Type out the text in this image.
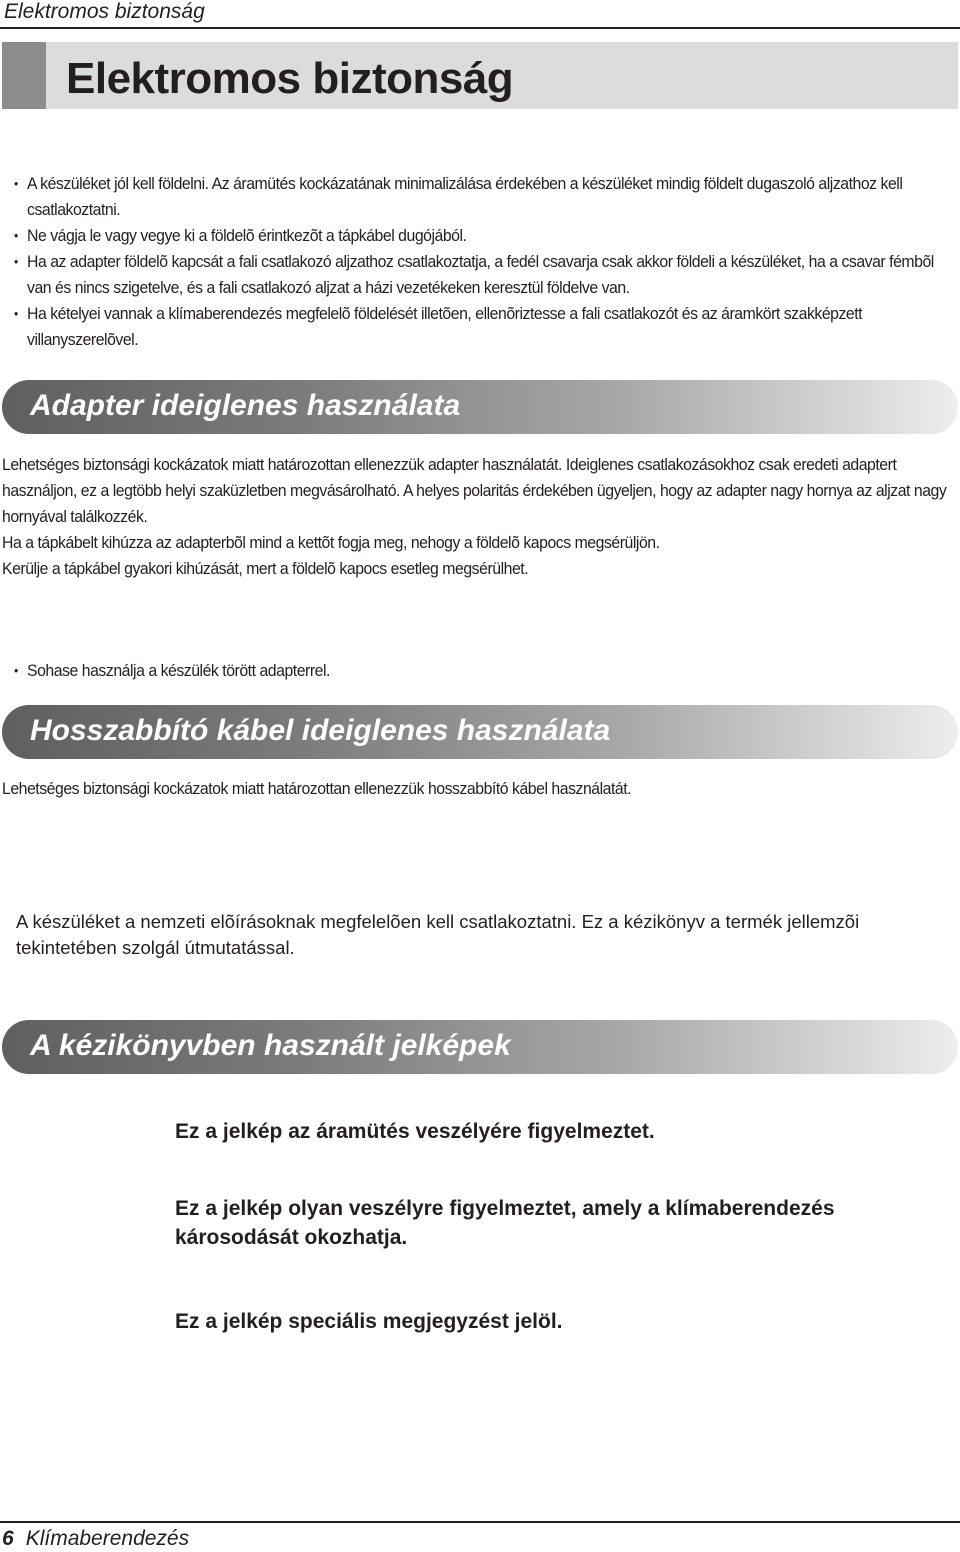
Elektromos biztonság
Elektromos biztonság
• A készüléket jól kell földelni. Az áramütés kockázatának minimalizálása érdekében a készüléket mindig földelt dugaszoló aljzathoz kell csatlakoztatni.
• Ne vágja le vagy vegye ki a földelõ érintkezõt a tápkábel dugójából.
• Ha az adapter földelõ kapcsát a fali csatlakozó aljzathoz csatlakoztatja, a fedél csavarja csak akkor földeli a készüléket, ha a csavar fémbõl van és nincs szigetelve, és a fali csatlakozó aljzat a házi vezetékeken keresztül földelve van.
• Ha kételyei vannak a klímaberendezés megfelelõ földelését illetõen, ellenõriztesse a fali csatlakozót és az áramkört szakképzett villanyszerelõvel.
Adapter ideiglenes használata

Lehetséges biztonsági kockázatok miatt határozottan ellenezzük adapter használatát. Ideiglenes csatlakozásokhoz csak eredeti adaptert használjon, ez a legtöbb helyi szaküzletben megvásárolható. A helyes polaritás érdekében ügyeljen, hogy az adapter nagy hornya az aljzat nagy hornyával találkozzék.

Ha a tápkábelt kihúzza az adapterbõl mind a kettõt fogja meg, nehogy a földelõ kapocs megsérüljön.

Kerülje a tápkábel gyakori kihúzását, mert a földelõ kapocs esetleg megsérülhet.

• Sohase használja a készülék törött adapterrel.
Hosszabbító kábel ideiglenes használata

Lehetséges biztonsági kockázatok miatt határozottan ellenezzük hosszabbító kábel használatát.

A készüléket a nemzeti elõírásoknak megfelelõen kell csatlakoztatni. Ez a kézikönyv a termék jellemzõi tekintetében szolgál útmutatással.

A kézikönyvben használt jelképek

Ez a jelkép az áramütés veszélyére figyelmeztet.

Ez a jelkép olyan veszélyre figyelmeztet, amely a klímaberendezés károsodását okozhatja.

Ez a jelkép speciális megjegyzést jelöl.

6 Klímaberendezés
